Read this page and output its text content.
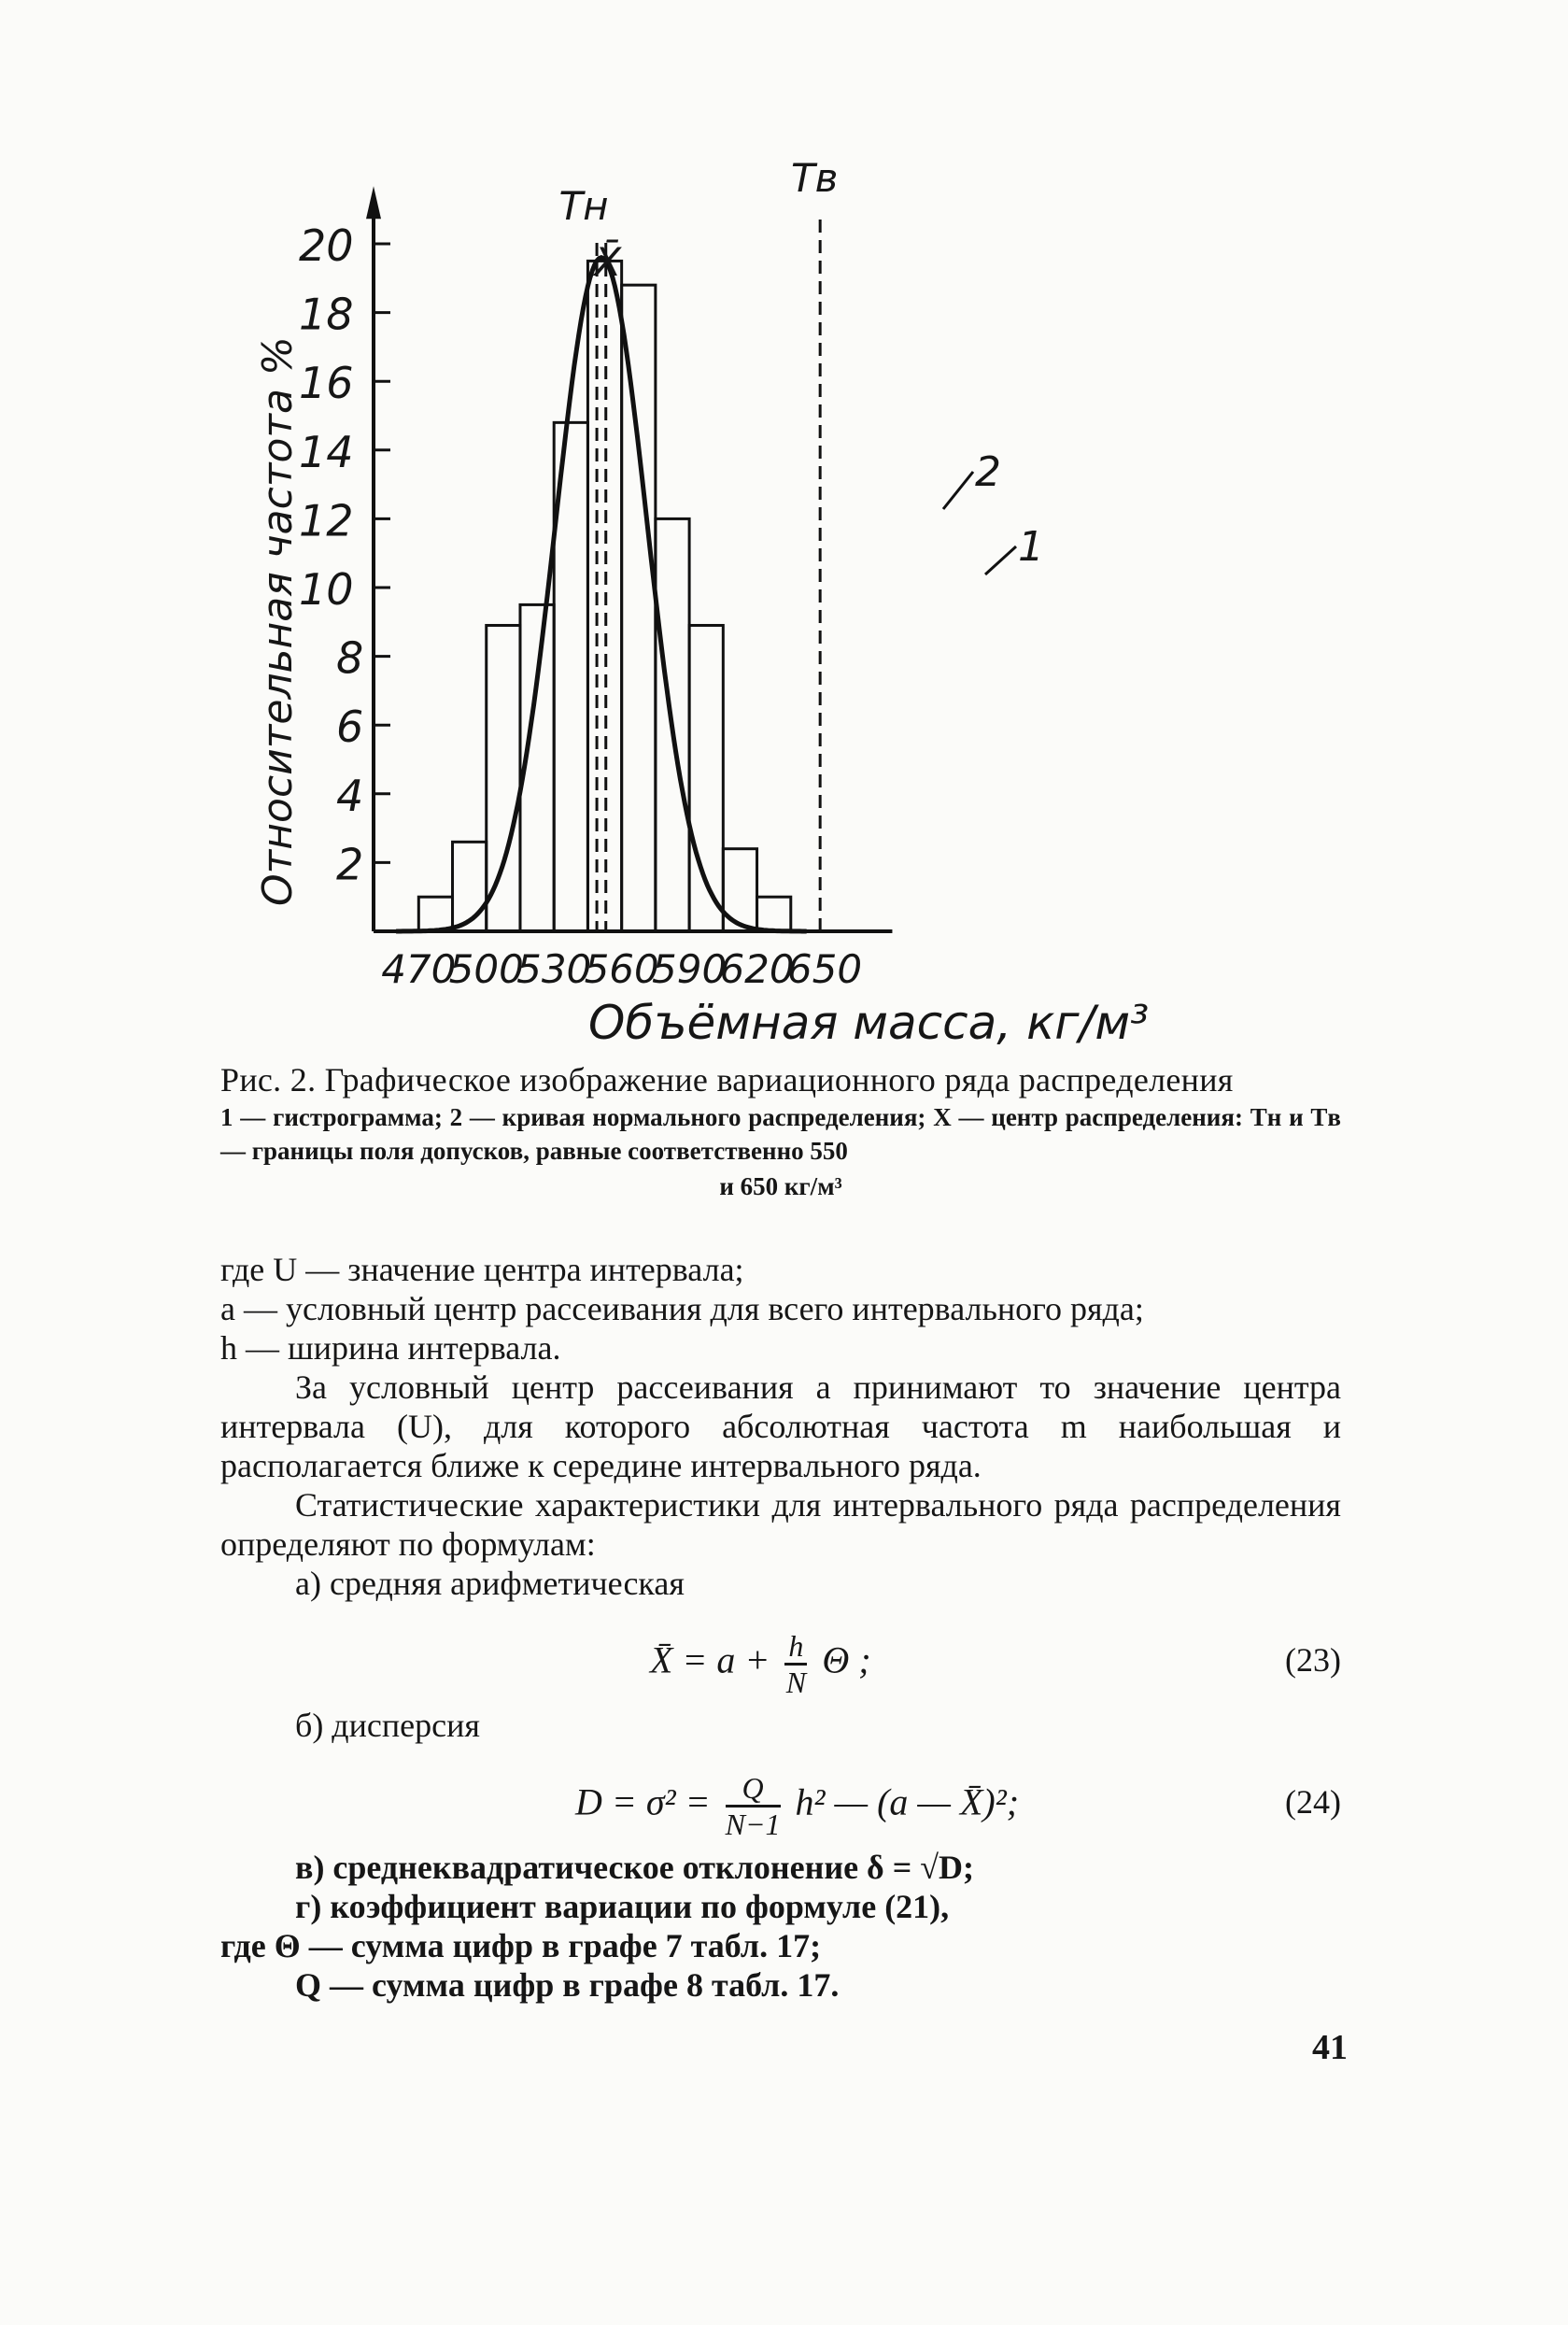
Tн
X̄
Tв
470
500
530
560
590
620
650
2
4
6
8
10
12
14
16
18
20
Относительная частота %
Объёмная масса, кг/м³
2
1
Рис. 2. Графическое изображение вариационного ряда распределения
1 — гистрограмма; 2 — кривая нормального распределения; X — центр распределения: Tн и Tв — границы поля допусков, равные соответственно 550
и 650 кг/м³

где U — значение центра интервала;

a — условный центр рассеивания для всего интервального ряда;

h — ширина интервала.

За условный центр рассеивания a принимают то значение центра интервала (U), для которого абсолютная частота m наибольшая и располагается ближе к середине интервального ряда.

Статистические характеристики для интервального ряда распределения определяют по формулам:

а) средняя арифметическая

X̄ = $a + \frac{h}{N}$ Θ ;	(23)

б) дисперсия

$D = \sigma^2 = \frac{Q}{N-1} h^2$ — (a — X̄)²;	(24)

в) среднеквадратическое отклонение δ = √D;

г) коэффициент вариации по формуле (21),

где Θ — сумма цифр в графе 7 табл. 17;

Q — сумма цифр в графе 8 табл. 17.

41
